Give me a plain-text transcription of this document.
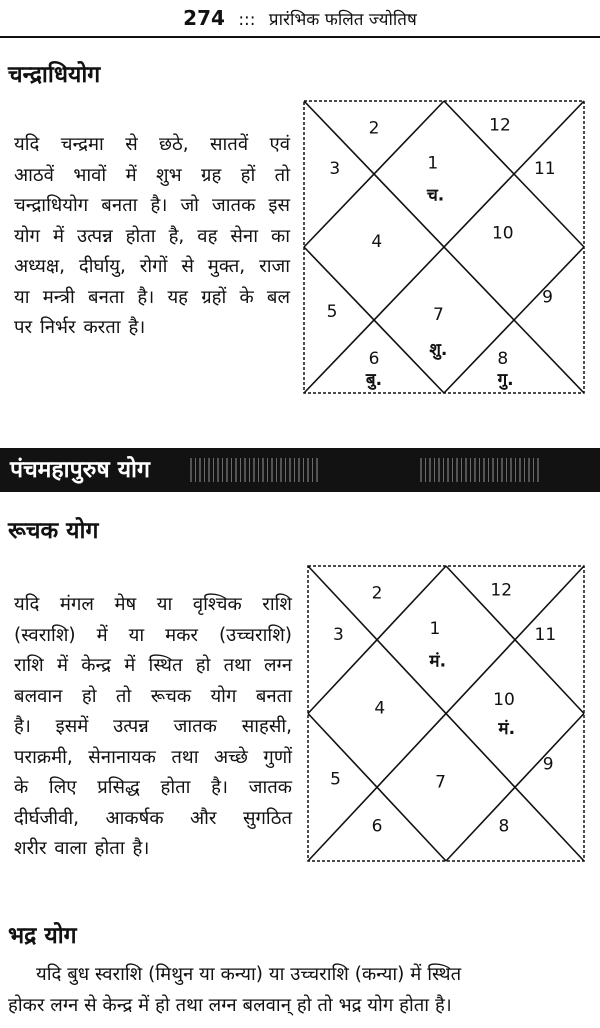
274 ::: प्रारंभिक फलित ज्योतिष
चन्द्राधियोग
यदि चन्द्रमा से छठे, सातवें एवं
आठवें भावों में शुभ ग्रह हों तो
चन्द्राधियोग बनता है। जो जातक इस
योग में उत्पन्न होता है, वह सेना का
अध्यक्ष, दीर्घायु, रोगों से मुक्त, राजा
या मन्त्री बनता है। यह ग्रहों के बल
पर निर्भर करता है।
1
2
3
4
5
6
7
8
9
10
11
12
च.
बु.
शु.
गु.
पंचमहापुरुष योग
रूचक योग
यदि मंगल मेष या वृश्चिक राशि
(स्वराशि) में या मकर (उच्चराशि)
राशि में केन्द्र में स्थित हो तथा लग्न
बलवान हो तो रूचक योग बनता
है। इसमें उत्पन्न जातक साहसी,
पराक्रमी, सेनानायक तथा अच्छे गुणों
के लिए प्रसिद्ध होता है। जातक
दीर्घजीवी, आकर्षक और सुगठित
शरीर वाला होता है।
1
2
3
4
5
6
7
8
9
10
11
12
मं.
मं.
भद्र योग
यदि बुध स्वराशि (मिथुन या कन्या) या उच्चराशि (कन्या) में स्थित
होकर लग्न से केन्द्र में हो तथा लग्न बलवान् हो तो भद्र योग होता है।
